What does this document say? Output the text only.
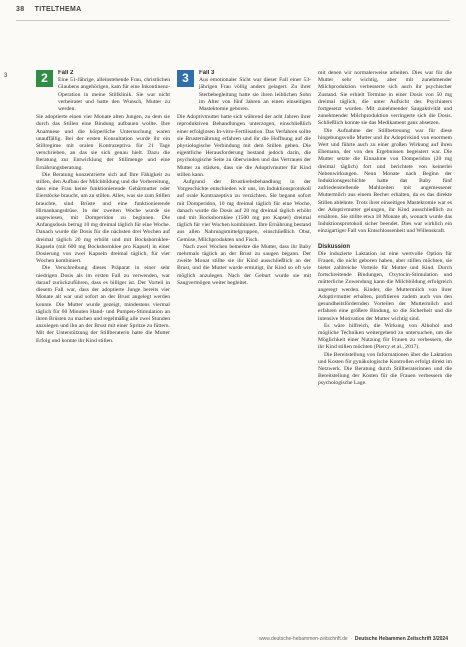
38 TITELTHEMA
3	2	Fall 2
Eine 51-Jährige, alleinstehende Frau, christlichen Glaubens angehörigen, kam für eine Inkontinenz-Operation in meine Stillklinik. Sie war nicht verheiratet und hatte den Wunsch, Mutter zu werden.

Sie adoptierte einen vier Monate alten Jungen, zu dem sie durch das Stillen eine Bindung aufbauen wollte. Ihre Anamnese und die körperliche Untersuchung waren unauffällig. Bei der ersten Konsultation wurde ihr ein Stillregime mit oralen Kontrazeptiva für 21 Tage verschrieben, an das sie sich genau hielt. Dazu die Beratung zur Entwicklung der Stillmenge und eine Ernährungsberatung.

Die Beratung konzentrierte sich auf Ihre Fähigkeit zu stillen, den Aufbau der Milchbildung und die Vorbereitung, dass eine Frau keine funktionierende Gebärmutter oder Eierstöcke braucht, um zu stillen. Alles, was sie zum Stillen brauchte, sind Brüste und eine funktionierende Hirnanhangsdrüse. In der zweiten Woche wurde sie angewiesen, mit Domperidon zu beginnen. Die Anfangsdosis betrug 10 mg dreimal täglich für eine Woche. Danach wurde die Dosis für die nächsten drei Wochen auf dreimal täglich 20 mg erhöht und mit Bockshornklee-Kapseln (mit 600 mg Bockshornklee pro Kapsel) in einer Dosierung von zwei Kapseln dreimal täglich, für vier Wochen kombiniert.

Die Verschreibung dieses Präparat in einer sehr niedrigen Dosis als im ersten Fall zu verwenden, war darauf zurückzuführen, dass es billiger ist. Der Vorteil in diesem Fall war, dass der adoptierte Junge bereits vier Monate alt war und sofort an der Brust angelegt werden konnte. Die Mutter wurde gezeigt, mindestens viermal täglich für 60 Minuten Hand- und Pumpen-Stimulation an ihren Brüsten zu machen und regelmäßig alle zwei Stunden anzulegen und ihn an der Brust mit einer Spritze zu füttern. Mit der Unterstützung der Stillberaterin hatte die Mutter Erfolg und konnte ihr Kind stillen.

3	Fall 3
Aus emotionaler Sicht war dieser Fall einer 53-jährigen Frau völlig anders gelagert. Zu ihrer Sterbebegleitung hatte sie ihren leiblichen Sohn im Alter von fünf Jahren an einen einseitigen Mastektomie geboren.

Die Adoptivmutter hatte sich während der acht Jahren ihrer reproduktiven Behandlungen unterzogen, einschließlich einer erfolglosen In-vitro-Fertilisation. Das Verfahren sollte sie Brusternährung erfahren und ihr die Hoffnung auf die physiologische Verbindung mit dem Stillen geben. Die eigentliche Herausforderung bestand jedoch darin, die psychologische Seite zu überwinden und das Vertrauen der Mutter zu stärken, dass sie die Adoptivmutter für Kind stillen kann.

Aufgrund der Brustkrebsbehandlung in der Vorgeschichte entschieden wir uns, im Induktionsprotokoll auf orale Kontrazeptiva zu verzichten. Sie begann sofort mit Domperidon, 10 mg dreimal täglich für eine Woche, danach wurde die Dosis auf 20 mg dreimal täglich erhöht und mit Bockshornklee (1500 mg pro Kapsel) dreimal täglich für vier Wochen kombiniert. Ihre Ernährung bestand aus allen Nahrungsmittelgruppen, einschließlich Obst, Gemüse, Milchprodukten und Fisch.

Nach zwei Wochen bemerkte die Mutter, dass ihr Baby mehrmals täglich an der Brust zu saugen begann. Der zweite Monat stillte sie ihr Kind ausschließlich an der Brust, und die Mutter wurde ermutigt, ihr Kind so oft wie möglich anzulegen. Nach der Geburt wurde sie mit Saugvermögen weiter begleitet.

mit denen wir normalerweise arbeiten. Dies war für die Mutter sehr wichtig, aber mit zunehmender Milchproduktion verbesserte sich auch ihr psychischer Zustand. Sie erhielt Termine in einer Dosis von 50 mg dreimal täglich, die unter Aufsicht des Psychiaters fortgesetzt wurden. Mit zunehmender Saugaktivität und zunehmender Milchproduktion verringerte sich die Dosis. Schließlich konnte sie das Medikament ganz absetzen.

Die Aufnahme der Stillbetreuung war für diese hingebungsvolle Mutter und ihr Adoptivkind von enormem Wert und führte auch zu einer großen Wirkung auf ihren Ehemann, der von den Ergebnissen begeistert war. Die Mutter setzte die Einnahme von Domperidon (20 mg dreimal täglich) fort und berichtete von keinerlei Nebenwirkungen. Neun Monate nach Beginn der Induktionsgeschichte hatte das Baby fünf zufriedenstellende Mahlzeiten mit angemessener Muttermilch aus einem Becher erhalten, da es das direkte Stillen ablehnte. Trotz ihrer einseitigen Mastektomie war es der Adoptivmutter gelungen, ihr Kind ausschließlich zu ernähren. Sie stillte etwa 18 Monate ab, wonach wurde das Induktionsprotokoll sicher beendet. Dies war wirklich ein einzigartiger Fall von Entschlossenheit und Willenskraft.

Diskussion

Die induzierte Laktation ist eine wertvolle Option für Frauen, die nicht geboren haben, aber stillen möchten, sie bietet zahlreiche Vorteile für Mutter und Kind. Durch fortschreitende Bindungen, Oxytocin-Stimulation und mütterliche Zuwendung kann die Milchbildung erfolgreich angeregt werden. Kinder, die Muttermilch von ihrer Adoptivmutter erhalten, profitieren zudem auch von den gesundheitsfördernden Vorteilen der Muttermilch und erfahren eine größere Bindung, so die Sicherheit und die intensive Motivation der Mutter wichtig sind.

Es wäre hilfreich, die Wirkung von Alkohol und mögliche Techniken weitergehend zu untersuchen, um die Möglichkeit einer Nutzung für Frauen zu verbessern, die ihr Kind stillen möchten (Piercy et al., 2017).

Die Bereitstellung von Informationen über die Laktation und Kosten für gynäkologische Kontrollen erfolgt direkt im Netzwerk. Die Beratung durch Stillberaterinnen und die Bereitstellung der Kosten für die Frauen verbessern die psychologische Lage.

www.deutsche-hebammen-zeitschrift.de  ·  Deutsche Hebammen Zeitschrift 3/2024
